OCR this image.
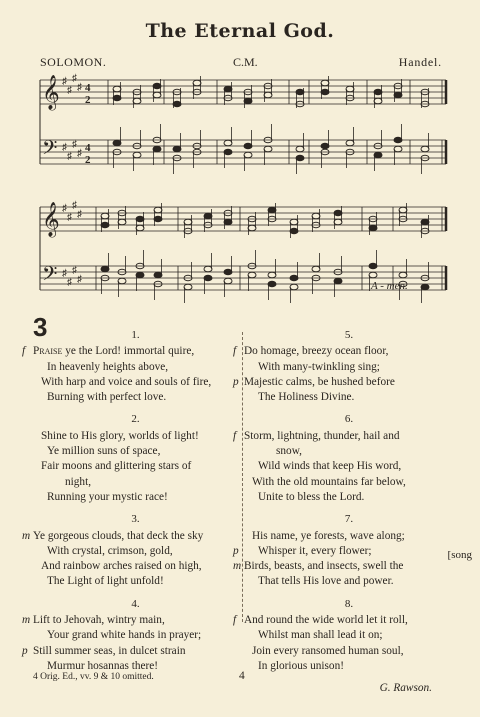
The Eternal God.
SOLOMON.	C.M.	Handel.
𝄞
𝄢
♯
♯
♯
♯
♯
♯
♯
♯
4
2
4
2
𝄞
𝄢
♯
♯
♯
♯
♯
♯
♯
♯
A - men.
3	1.
f Praise ye the Lord! immortal quire,
In heavenly heights above,
With harp and voice and souls of fire,
Burning with perfect love.
2.
Shine to His glory, worlds of light!
Ye million suns of space,
Fair moons and glittering stars of
night,
Running your mystic race!
3.
m Ye gorgeous clouds, that deck the sky
With crystal, crimson, gold,
And rainbow arches raised on high,
The Light of light unfold!
4.
m Lift to Jehovah, wintry main,
Your grand white hands in prayer;
p Still summer seas, in dulcet strain
Murmur hosannas there!
5.
f Do homage, breezy ocean floor,
With many-twinkling sing;
p Majestic calms, be hushed before
The Holiness Divine.
6.
f Storm, lightning, thunder, hail and
snow,
Wild winds that keep His word,
With the old mountains far below,
Unite to bless the Lord.
7.
His name, ye forests, wave along;
p Whisper it, every flower;	[song
m Birds, beasts, and insects, swell the
That tells His love and power.
8.
f And round the wide world let it roll,
Whilst man shall lead it on;
Join every ransomed human soul,
In glorious unison!
G. Rawson.
4 Orig. Ed., vv. 9 & 10 omitted.	4
